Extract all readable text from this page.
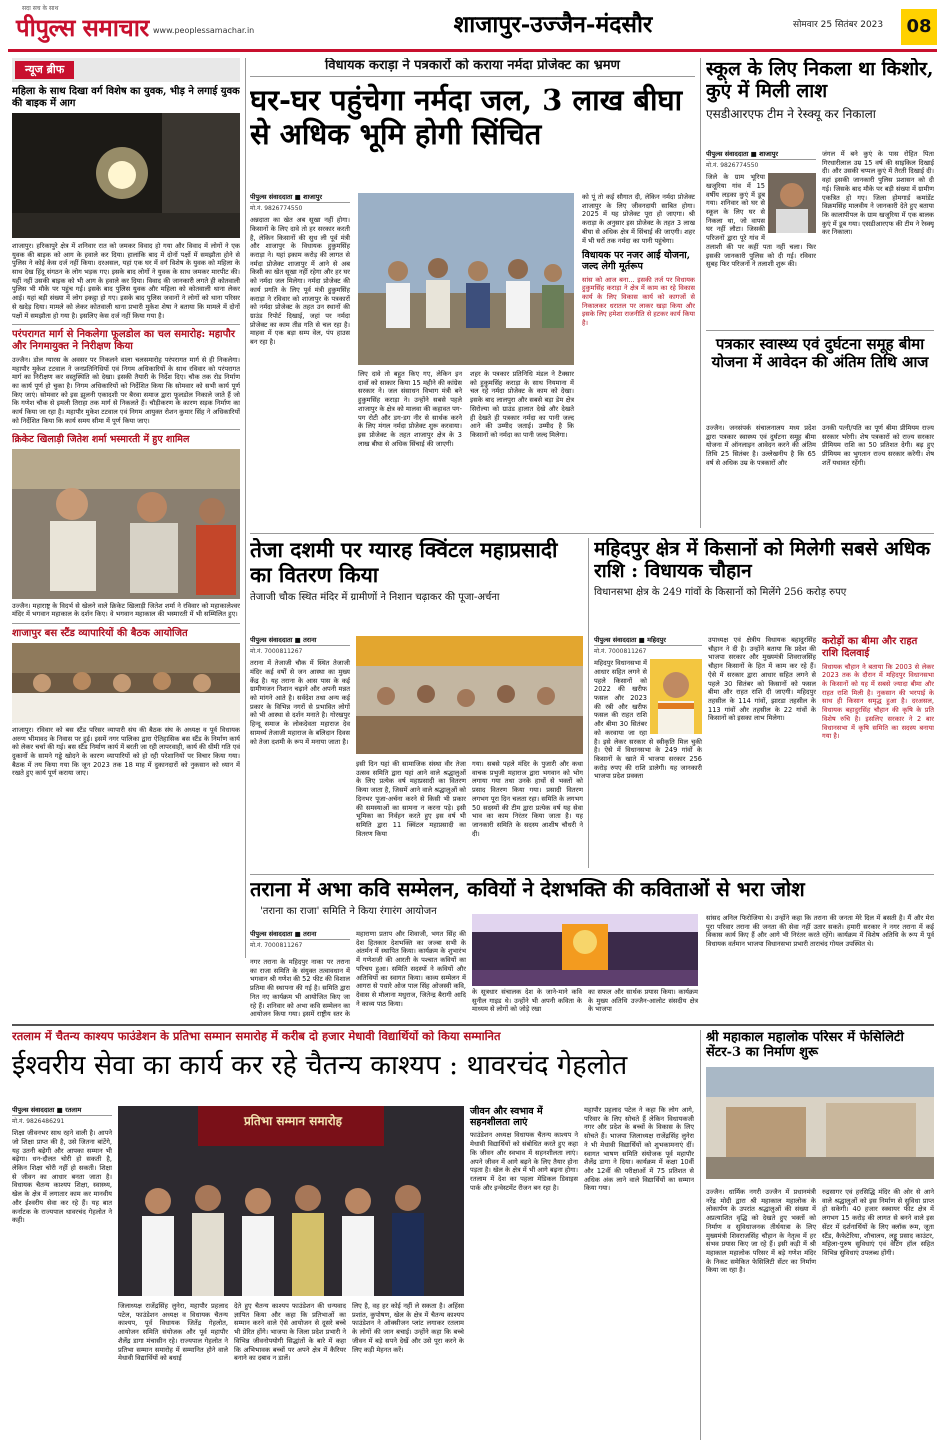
सदा सच के साथ
पीपुल्स समाचार www.peoplessamachar.in	शाजापुर-उज्जैन-मंदसौर	सोमवार 25 सितंबर 2023	08
न्यूज ब्रीफ
महिला के साथ दिखा वर्ग विशेष का युवक, भीड़ ने लगाई युवक की बाइक में आग
शाजापुर। हरिकापुरे क्षेत्र में शनिवार रात को जमकर विवाद हो गया और विवाद में लोगों ने एक युवक की बाइक को आग के हवाले कर दिया। हालांकि बाद में दोनों पक्षों में समझौता होने से पुलिस ने कोई केस दर्ज नहीं किया। दरअसल, यहां एक घर में वर्ग विशेष के युवक को महिला के साथ देख हिंदू संगठन के लोग भड़क गए। इसके बाद लोगों ने युवक के साथ जमकर मारपीट की। यहीं नहीं उसकी बाइक को भी आग के हवाले कर दिया। विवाद की जानकारी लगते ही कोतवाली पुलिस भी मौके पर पहुंच गई। इसके बाद पुलिस युवक और महिला को कोतवाली थाना लेकर आई। यहां बड़ी संख्या में लोग इकट्ठा हो गए। इसके बाद पुलिस जवानों ने लोगों को थाना परिसर से खदेड़ दिया। मामले को लेकर कोतवाली थाना प्रभारी मुकेश शेषा ने बताया कि मामले में दोनों पक्षों में समझौता हो गया है। इसलिए केस दर्ज नहीं किया गया है।
परंपरागत मार्ग से निकलेगा फूलडोल का चल समारोह: महापौर और निगमायुक्त ने निरीक्षण किया
उज्जैन। डोल ग्यारस के अवसर पर निकलने वाला चलसमारोह परंपरागत मार्ग से ही निकलेगा। महापौर मुकेश टटवाल ने जनप्रतिनिधियों एवं निगम अधिकारियों के साथ रविवार को परंपरागत मार्ग का निरीक्षण कर वस्तुस्थिति को देखा। इसकी तैयारी के निर्देश दिए। चौक तक रोड निर्माण का कार्य पूर्ण हो चुका है। निगम अधिकारियों को निर्देशित किया कि सोमवार को सभी कार्य पूर्ण किए जाएं। सोमवार को इस झुलनी एकादशी पर बैरवा समाज द्वारा फूलडोल निकाले जाते हैं जो कि गणेश चौक से इमली तिराहा तक मार्ग से निकलते हैं। चौड़ीकरण के कारण सड़क निर्माण का कार्य किया जा रहा है। महापौर मुकेश टटवाल एवं निगम आयुक्त रोशन कुमार सिंह ने अधिकारियों को निर्देशित किया कि कार्य समय सीमा में पूर्ण किया जाए।
क्रिकेट खिलाड़ी जितेश शर्मा भस्मारती में हुए शामिल
उज्जैन। महाराष्ट्र के विदर्भ से खेलने वाले क्रिकेट खिलाड़ी जितेश शर्मा ने रविवार को महाकालेश्वर मंदिर में भगवान महाकाल के दर्शन किए। वे भगवान महाकाल की भस्मारती में भी सम्मिलित हुए।
शाजापुर बस स्टैंड व्यापारियों की बैठक आयोजित
शाजापुर। रविवार को बस स्टैंड परिसर व्यापारी संघ की बैठक संघ के अध्यक्ष व पूर्व विधायक अरुण भीमावद के निवास पर हुई। इसमें नगर पालिका द्वारा ऐतिहासिक बस स्टैंड के निर्माण कार्य को लेकर चर्चा की गई। बस स्टैंड निर्माण कार्य में बरती जा रही लापरवाही, कार्य की धीमी गति एवं दुकानों के सामने गड्ढे खोदने के कारण व्यापारियों को हो रही परेशानियों पर विचार किया गया। बैठक में तय किया गया कि जून 2023 तक 18 माह में दुकानदारों को नुकसान को ध्यान में रखते हुए कार्य पूर्ण कराया जाए।
विधायक कराड़ा ने पत्रकारों को कराया नर्मदा प्रोजेक्ट का भ्रमण
घर-घर पहुंचेगा नर्मदा जल, 3 लाख बीघा से अधिक भूमि होगी सिंचित
पीपुल्स संवाददाता ■ शाजापुर
मो.नं. 9826774550
अन्नदाता का खेत अब सूखा नहीं होगा। किसानों के लिए दावे तो हर सरकार करती है, लेकिन किसानों की सुध ली पूर्व मंत्री और शाजापुर के विधायक हुकुमसिंह कराड़ा ने। यहां इकाम करोड़ की लागत से नर्मदा प्रोजेक्ट शाजापुर में आने से अब किसी का खेत सूखा नहीं रहेगा और हर घर को नर्मदा जल मिलेगा। नर्मदा प्रोजेक्ट की कार्य प्रगति के लिए पूर्व मंत्री हुकुमसिंह कराड़ा ने रविवार को शाजापुर के पत्रकारों को नर्मदा प्रोजेक्ट के तहत उन स्थानों की ग्राउंड रिपोर्ट दिखाई, जहां पर नर्मदा प्रोजेक्ट का काम तीव्र गति से चल रहा है। माहवा में एक बड़ा सम्प वेल, पंप हाउस बन रहा है।
लिए दावे तो बहुत किए गए, लेकिन इन दावों को साकार किया 15 महीने की कांग्रेस सरकार ने। जल संसाधन विभाग मंत्री बने हुकुमसिंह कराड़ा ने। उन्होंने सबसे पहले शाजापुर के क्षेत्र को मालवा की कहावत पग-पग रोटी और डग-डग नीर से सार्थक करने के लिए मंगल नर्मदा प्रोजेक्ट शुरू करवाया। इस प्रोजेक्ट के तहत शाजापुर क्षेत्र के 3 लाख बीघा से अधिक सिंचाई की जाएगी।
शहर के पत्रकार प्रतिनिधि मंडल ने टैक्सार को हुकुमसिंह कराड़ा के साथ नियमाना में चल रहे नर्मदा प्रोजेक्ट के काम को देखा। इसके बाद लालपुरा और सबसे बड़ा डेम क्षेत्र सिरोल्या को ग्राउंड हालात देखे और देखते ही देखते ही पत्रकार नर्मदा का पानी जल्द आने की उम्मीद जताई। उम्मीद है कि किसानों को नर्मदा का पानी जल्द मिलेगा।
को पूं तो कई सौगात दी, लेकिन नर्मदा प्रोजेक्ट शाजापुर के लिए जीवनदायी साबित होगा। 2025 में यह प्रोजेक्ट पूरा हो जाएगा। श्री कराड़ा के अनुसार इस प्रोजेक्ट के तहत 3 लाख बीघा से अधिक क्षेत्र में सिंचाई की जाएगी। शहर में भी घरों तक नर्मदा का पानी पहुंचेगा।
विधायक पर नजर आई योजना, जल्द लेगी मूर्तरूप
सांस को आज बना... इसकी तर्ज पर विधायक हुकुमसिंह कराड़ा ने क्षेत्र में काम का रहे विकास कार्य के लिए विकास कार्य को कागजों से निकालकर धरातल पर लाकर खड़ा किया और इसके लिए हमेशा राजनीति से हटकर कार्य किया है।
स्कूल के लिए निकला था किशोर, कुएं में मिली लाश
एसडीआरएफ टीम ने रेस्क्यू कर निकाला
पीपुल्स संवाददाता ■ शाजापुर
मो.नं. 9826774550
जिले के ग्राम भूरिया खजूरिया गांव में 15 वर्षीय लड़का कुएं में डूब गया। शनिवार को घर से स्कूल के लिए घर से निकला था, जो वापस घर नहीं लौटा। जिसकी परिजनों द्वारा पूरे गांव में तलाशी की पर कहीं पता नहीं चला। फिर इसकी जानकारी पुलिस को दी गई। रविवार सुबह फिर परिजनों ने तलाशी शुरू की।
जंगल में बने कुएं के पास रोहित पिता गिरधारीलाल उम्र 15 वर्ष की साइकिल दिखाई दी। और उसकी चप्पल कुएं में तैरती दिखाई दी। वहां इसकी जानकारी पुलिस प्रशासन को दी गई। जिसके बाद मौके पर बड़ी संख्या में ग्रामीण एकत्रित हो गए। जिला होमगार्ड कमांडेंट विक्रमसिंह मालवीय ने जानकारी देते हुए बताया कि कालापीपल के ग्राम खजूरिया में एक बालक कुएं में डूब गया। एसडीआरएफ की टीम ने रेस्क्यू कर निकाला।
पत्रकार स्वास्थ्य एवं दुर्घटना समूह बीमा योजना में आवेदन की अंतिम तिथि आज
उज्जैन। जनसंपर्क संचालनालय मध्य प्रदेश द्वारा पत्रकार स्वास्थ्य एवं दुर्घटना समूह बीमा योजना में ऑनलाइन आवेदन करने की अंतिम तिथि 25 सितंबर है। उल्लेखनीय है कि 65 वर्ष से अधिक उम्र के पत्रकारों और
उनकी पत्नी/पति का पूर्ण बीमा प्रीमियम राज्य सरकार भरेगी। शेष पत्रकारों को राज्य सरकार प्रीमियम राशि का 50 प्रतिशत देगी। बढ़ हुए प्रीमियम का भुगतान राज्य सरकार करेगी। शेष शर्तें यथावत रहेंगी।
तेजा दशमी पर ग्यारह क्विंटल महाप्रसादी का वितरण किया
तेजाजी चौक स्थित मंदिर में ग्रामीणों ने निशान चढ़ाकर की पूजा-अर्चना
पीपुल्स संवाददाता ■ तराना
मो.नं. 7000811267
तराना में तेजाजी चौक में स्थित तेजाजी मंदिर कई वर्षों से जन आस्था का मुख्य केंद्र है। यह तराना के आस पास के कई ग्रामीणजन निशान चढ़ाने और अपनी मन्नत को मांगने आते है। सर्वदेश तथा अन्य कई प्रकार के विभिन्न नगरों से प्रभावित लोगों को भी आस्था से दर्शन मनाते है। गोरखपुर हिन्दू समाज के लोकदेवता महाराज देव सामर्थ्य तेजाजी महाराज के बलिदान दिवस को तेजा दशमी के रूप में मनाया जाता है।
इसी दिन यहां की सामाजिक संस्था वीर तेजा उत्सव समिति द्वारा यहां आने वाले श्रद्धालुओं के लिए प्रत्येक वर्ष महाप्रसादी का वितरण किया जाता है, जिसमें आने वाले श्रद्धालुओं को दिनभर पूजा-अर्चना करने से किसी भी प्रकार की समस्याओं का सामना न करना पड़े। इसी भूमिका का निर्वहन करते हुए इस वर्ष भी समिति द्वारा 11 क्विंटल महाप्रसादी का वितरण किया
गया। सबसे पहले मंदिर के पुजारी और कथा वाचक प्रभुजी महाराज द्वारा भगवान को भोग लगाया गया तथा उनके हाथों से भक्तों को प्रसाद वितरण किया गया। प्रसादी वितरण लगभग पूरा दिन चलता रहा। समिति के लगभग 50 सदस्यों की टीम द्वारा प्रत्येक वर्ष यह सेवा भाव का काम निरंतर किया जाता है। यह जानकारी समिति के सदस्य आशीष चौधरी ने दी।
महिदपुर क्षेत्र में किसानों को मिलेगी सबसे अधिक राशि : विधायक चौहान
विधानसभा क्षेत्र के 249 गांवों के किसानों को मिलेंगे 256 करोड़ रुपए
पीपुल्स संवाददाता ■ महिदपुर
मो.नं. 7000811267
महिदपुर विधानसभा में आधार सहित लगने से पहले किसानों को 2022 की खरीफ फसल और 2023 की रबी और खरीफ फसल की राहत राशि और बीमा 30 सितंबर को करवाया जा रहा है। इसे लेकर सरकार से स्वीकृति मिल चुकी है। ऐसे में विधानसभा के 249 गांवों के किसानों के खाते में भाजपा सरकार 256 करोड़ रुपए की राशि डालेगी। यह जानकारी भाजपा प्रदेश प्रवक्ता
उपाध्यक्ष एवं क्षेत्रीय विधायक बहादुरसिंह चौहान ने दी है। उन्होंने बताया कि प्रदेश की भाजपा सरकार और मुख्यमंत्री शिवराजसिंह चौहान किसानों के हित में काम कर रहे हैं। ऐसे में सरकार द्वारा आधार सहित लगने से पहले 30 सितंबर को किसानों को फसल बीमा और राहत राशि दी जाएगी। महिदपुर तहसील के 114 गांवों, झारडा तहसील के 113 गांवों और तहसील के 22 गांवों के किसानों को इसका लाभ मिलेगा।
करोड़ों का बीमा और राहत राशि दिलवाई
विधायक चौहान ने बताया कि 2003 से लेकर 2023 तक के दौरान में महिदपुर विधानसभा के किसानों को यह में सबसे ज्यादा बीमा और राहत राशि मिली है। नुकसान की भरपाई के साथ ही किसान समृद्ध हुआ है। दरअसल, विधायक बहादुरसिंह चौहान की कृषि के प्रति विशेष रुचि है। इसलिए सरकार ने 2 बार विधानसभा में कृषि समिति का सदस्य बनाया गया है।
तराना में अभा कवि सम्मेलन, कवियों ने देशभक्ति की कविताओं से भरा जोश
'तराना का राजा' समिति ने किया रंगारंग आयोजन
पीपुल्स संवाददाता ■ तराना
मो.नं. 7000811267
नगर तराना के महिदपुर नाका पर तराना का राजा समिति के संयुक्त तत्वावधान में भगवान श्री गणेश की 52 फीट की विशाल प्रतिमा की स्थापना की गई है। समिति द्वारा नित नए कार्यक्रम भी आयोजित किए जा रहे हैं। शनिवार को अभा कवि सम्मेलन का आयोजन किया गया। इसमें राष्ट्रीय स्तर के
महाराणा प्रताप और शिवाजी, भगत सिंह की देश हितकार देशभक्ति का जज्बा सभी के अंतर्मन में स्थापित किया। कार्यक्रम के शुभारंभ में गणेशजी की आरती के पश्चात कवियों का परिचय हुआ। समिति सदस्यों ने कवियों और अतिथियों का स्वागत किया। काव्य सम्मेलन में आगरा से पधारे ओज पाल सिंह ओजस्वी कवि, देवास से मौलाना मधुराज, जितेन्द्र बैरागी आदि ने काव्य पाठ किया।
के सूत्रधार संचालक देश के जाने-माने कवि सुनील गाइड थे। उन्होंने भी अपनी कविता के माध्यम से लोगों को जोड़े रखा
का सफल और सार्थक प्रयास किया। कार्यक्रम के मुख्य अतिथि उज्जैन-आलोट संसदीय क्षेत्र के भाजपा
सांसद अनिल फिरोजिया थे। उन्होंने कहा कि तराना की जनता मेरे दिल में बसती है। मैं और मेरा पूरा परिवार तराना की जनता की सेवा नहीं उतार सकते। हमारी सरकार ने नगर तराना में कई विकास कार्य किए हैं और आगे भी निरंतर करते रहेंगे। कार्यक्रम में विशेष अतिथि के रूप में पूर्व विधायक वर्तमान भाजपा विधानसभा प्रभारी ताराचंद गोयल उपस्थित थे।
रतलाम में चैतन्य काश्यप फाउंडेशन के प्रतिभा सम्मान समारोह में करीब दो हजार मेधावी विद्यार्थियों को किया सम्मानित
ईश्वरीय सेवा का कार्य कर रहे चैतन्य काश्यप : थावरचंद गेहलोत
पीपुल्स संवाददाता ■ रतलाम
मो.नं. 9826486291
शिक्षा जीवनभर साथ रहने वाली है। आपने जो शिक्षा प्राप्त की है, उसे जितना बांटेंगे, यह उतनी बढ़ेगी और आपका सम्मान भी बढ़ेगा। धन-दौलत चोरी हो सकती है, लेकिन शिक्षा चोरी नहीं हो सकती। शिक्षा से जीवन का आधार बनता जाता है। विधायक चैतन्य काश्यप शिक्षा, स्वास्थ्य, खेल के क्षेत्र में लगातार काम कर मानवीय और ईश्वरीय सेवा कर रहे हैं। यह बात कर्नाटक के राज्यपाल थावरचंद गेहलोत ने कही।
प्रतिभा सम्मान समारोह
जिलाध्यक्ष राजेंद्रसिंह लुनेरा, महापौर प्रहलाद पटेल, फाउंडेशन अध्यक्ष व विधायक चैतन्य काश्यप, पूर्व विधायक जितेंद्र गेहलोत, आयोजन समिति संयोजक और पूर्व महापौर शैलेंद्र डागा मंचासीन रहे। राज्यपाल गेहलोत ने प्रतिभा सम्मान समारोह में सम्मानित होने वाले मेधावी विद्यार्थियों को बधाई
देते हुए चैतन्य काश्यप फाउंडेशन की धन्यवाद ज्ञापित किया और कहा कि प्रतिभाओं का सम्मान करने वाले ऐसे आयोजन से दूसरे बच्चे भी प्रेरित होंगे। भाजपा के जिला प्रदेश प्रभारी ने विभिन्न जीवनोपयोगी सिद्धांतों के बारे में कहा कि अभिभावक बच्चों पर अपने क्षेत्र में कैरियर बनाने का दबाव न डालें।
लिए है, वह हर कोई नहीं ले सकता है। अहिंसा प्रशांत, कुपोषण, खेल के क्षेत्र में चैतन्य काश्यप फाउंडेशन ने ऑक्सीजन प्लांट लगाकर रतलाम के लोगों की जान बचाई। उन्होंने कहा कि बच्चे जीवन में बड़े सपने देखें और उसे पूरा करने के लिए कड़ी मेहनत करें।
जीवन और स्वभाव में सहनशीलता लाएं
फाउंडेशन अध्यक्ष विधायक चैतन्य काश्यप ने मेधावी विद्यार्थियों को संबोधित करते हुए कहा कि जीवन और स्वभाव में सहनशीलता लाएं। अपने जीवन में आगे बढ़ने के लिए तैयार होना पड़ता है। खेल के क्षेत्र में भी आगे बढ़ना होगा। रतलाम में देश का पहला मेडिकल डिवाइस पार्क और इन्वेस्टमेंट रीजन बन रहा है।
महापौर प्रहलाद पटेल ने कहा कि लोग आगे, परिवार के लिए सोचते हैं लेकिन विधायकजी नगर और प्रदेश के बच्चों के विकास के लिए सोचते हैं। भाजपा जिलाध्यक्ष राजेंद्रसिंह लुनेरा ने भी मेधावी विद्यार्थियों को शुभकामनाएं दीं। स्वागत भाषण समिति संयोजक पूर्व महापौर शैलेंद्र डागा ने दिया। कार्यक्रम में कक्षा 10वीं और 12वीं की परीक्षाओं में 75 प्रतिशत से अधिक अंक लाने वाले विद्यार्थियों का सम्मान किया गया।
श्री महाकाल महालोक परिसर में फेसिलिटी सेंटर-3 का निर्माण शुरू
उज्जैन। धार्मिक नगरी उज्जैन में प्रधानमंत्री नरेंद्र मोदी द्वारा श्री महाकाल महालोक के लोकार्पण के उपरांत श्रद्धालुओं की संख्या में अप्रत्याशित वृद्धि को देखते हुए भक्तों को निर्माण व सुविधाजनक तीर्थयात्रा के लिए मुख्यमंत्री शिवराजसिंह चौहान के नेतृत्व में हर संभव प्रयास किए जा रहे हैं। इसी कड़ी में श्री महाकाल महालोक परिसर में बड़े गणेश मंदिर के निकट समेकित फेसिलिटी सेंटर का निर्माण किया जा रहा है।
रुद्रसागर एवं हरसिद्धि मंदिर की ओर से आने वाले श्रद्धालुओं को इस निर्माण से सुविधा प्राप्त हो सकेगी। 40 हजार स्क्वायर फीट क्षेत्र में लगभग 15 करोड़ की लागत से बनने वाले इस सेंटर में दर्शनार्थियों के लिए क्लॉक रूम, जूता स्टैंड, कैफेटेरिया, शौचालय, लड्डू प्रसाद काउंटर, महिला-पुरुष सुविधाएं एवं वेटिंग हॉल सहित विभिन्न सुविधाएं उपलब्ध होंगी।
